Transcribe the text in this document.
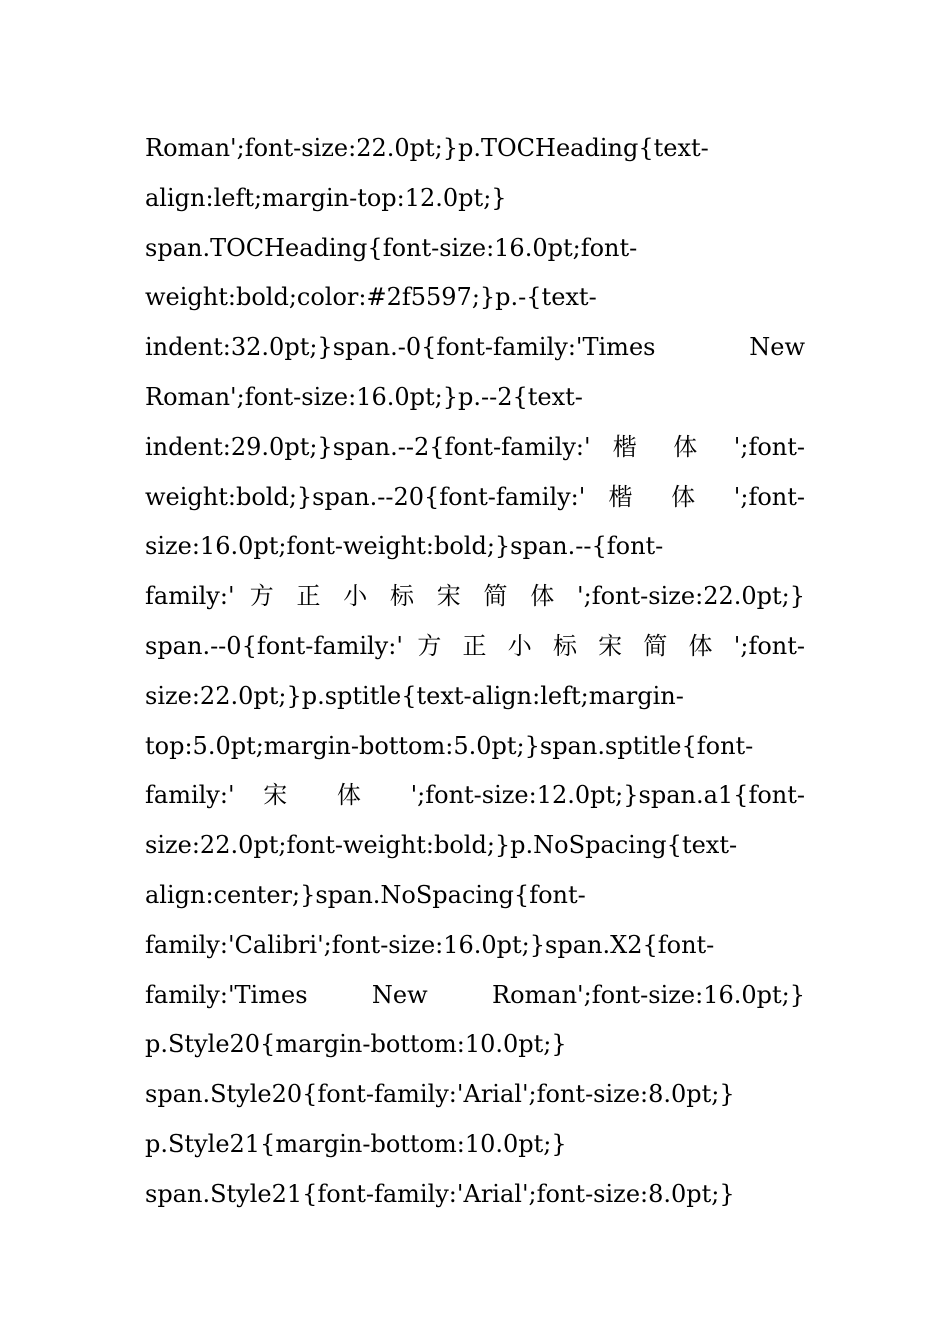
Roman';font-size:22.0pt;}p.TOCHeading{text-
align:left;margin-top:12.0pt;}
span.TOCHeading{font-size:16.0pt;font-
weight:bold;color:#2f5597;}p.-{text-
indent:32.0pt;}span.-0{font-family:'Times New
Roman';font-size:16.0pt;}p.--2{text-
indent:29.0pt;}span.--2{font-family:' 楷 体 ';font-
weight:bold;}span.--20{font-family:' 楷 体 ';font-
size:16.0pt;font-weight:bold;}span.--{font-
family:' 方 正 小 标 宋 简 体 ';font-size:22.0pt;}
span.--0{font-family:' 方 正 小 标 宋 简 体 ';font-
size:22.0pt;}p.sptitle{text-align:left;margin-
top:5.0pt;margin-bottom:5.0pt;}span.sptitle{font-
family:' 宋 体 ';font-size:12.0pt;}span.a1{font-
size:22.0pt;font-weight:bold;}p.NoSpacing{text-
align:center;}span.NoSpacing{font-
family:'Calibri';font-size:16.0pt;}span.X2{font-
family:'Times New Roman';font-size:16.0pt;}
p.Style20{margin-bottom:10.0pt;}
span.Style20{font-family:'Arial';font-size:8.0pt;}
p.Style21{margin-bottom:10.0pt;}
span.Style21{font-family:'Arial';font-size:8.0pt;}
